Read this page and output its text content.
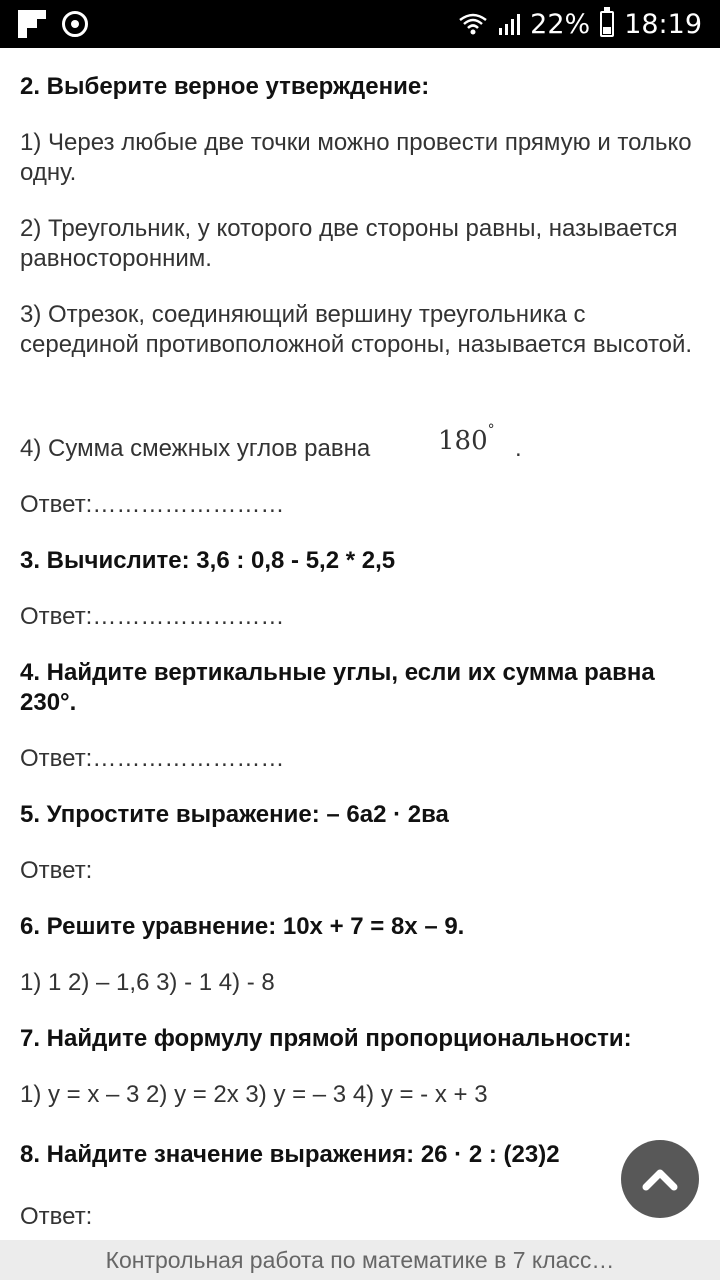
22% 18:19
2. Выберите верное утверждение:
1) Через любые две точки можно провести прямую и только одну.
2) Треугольник, у которого две стороны равны, называется равносторонним.
3) Отрезок, соединяющий вершину треугольника с серединой противоположной стороны, называется высотой.
4) Сумма смежных углов равна	180°
.
Ответ:……………………
3. Вычислите: 3,6 : 0,8 - 5,2 * 2,5
Ответ:……………………
4. Найдите вертикальные углы, если их сумма равна 230°.
Ответ:……………………
5. Упростите выражение: – 6а2 · 2ва
Ответ:
6. Решите уравнение: 10x + 7 = 8x – 9.
1) 1 2) – 1,6 3) - 1 4) - 8
7. Найдите формулу прямой пропорциональности:
1) y = x – 3 2) y = 2x 3) y = – 3 4) y = - x + 3
8. Найдите значение выражения: 26 · 2 : (23)2
Ответ:
Контрольная работа по математике в 7 класс…
